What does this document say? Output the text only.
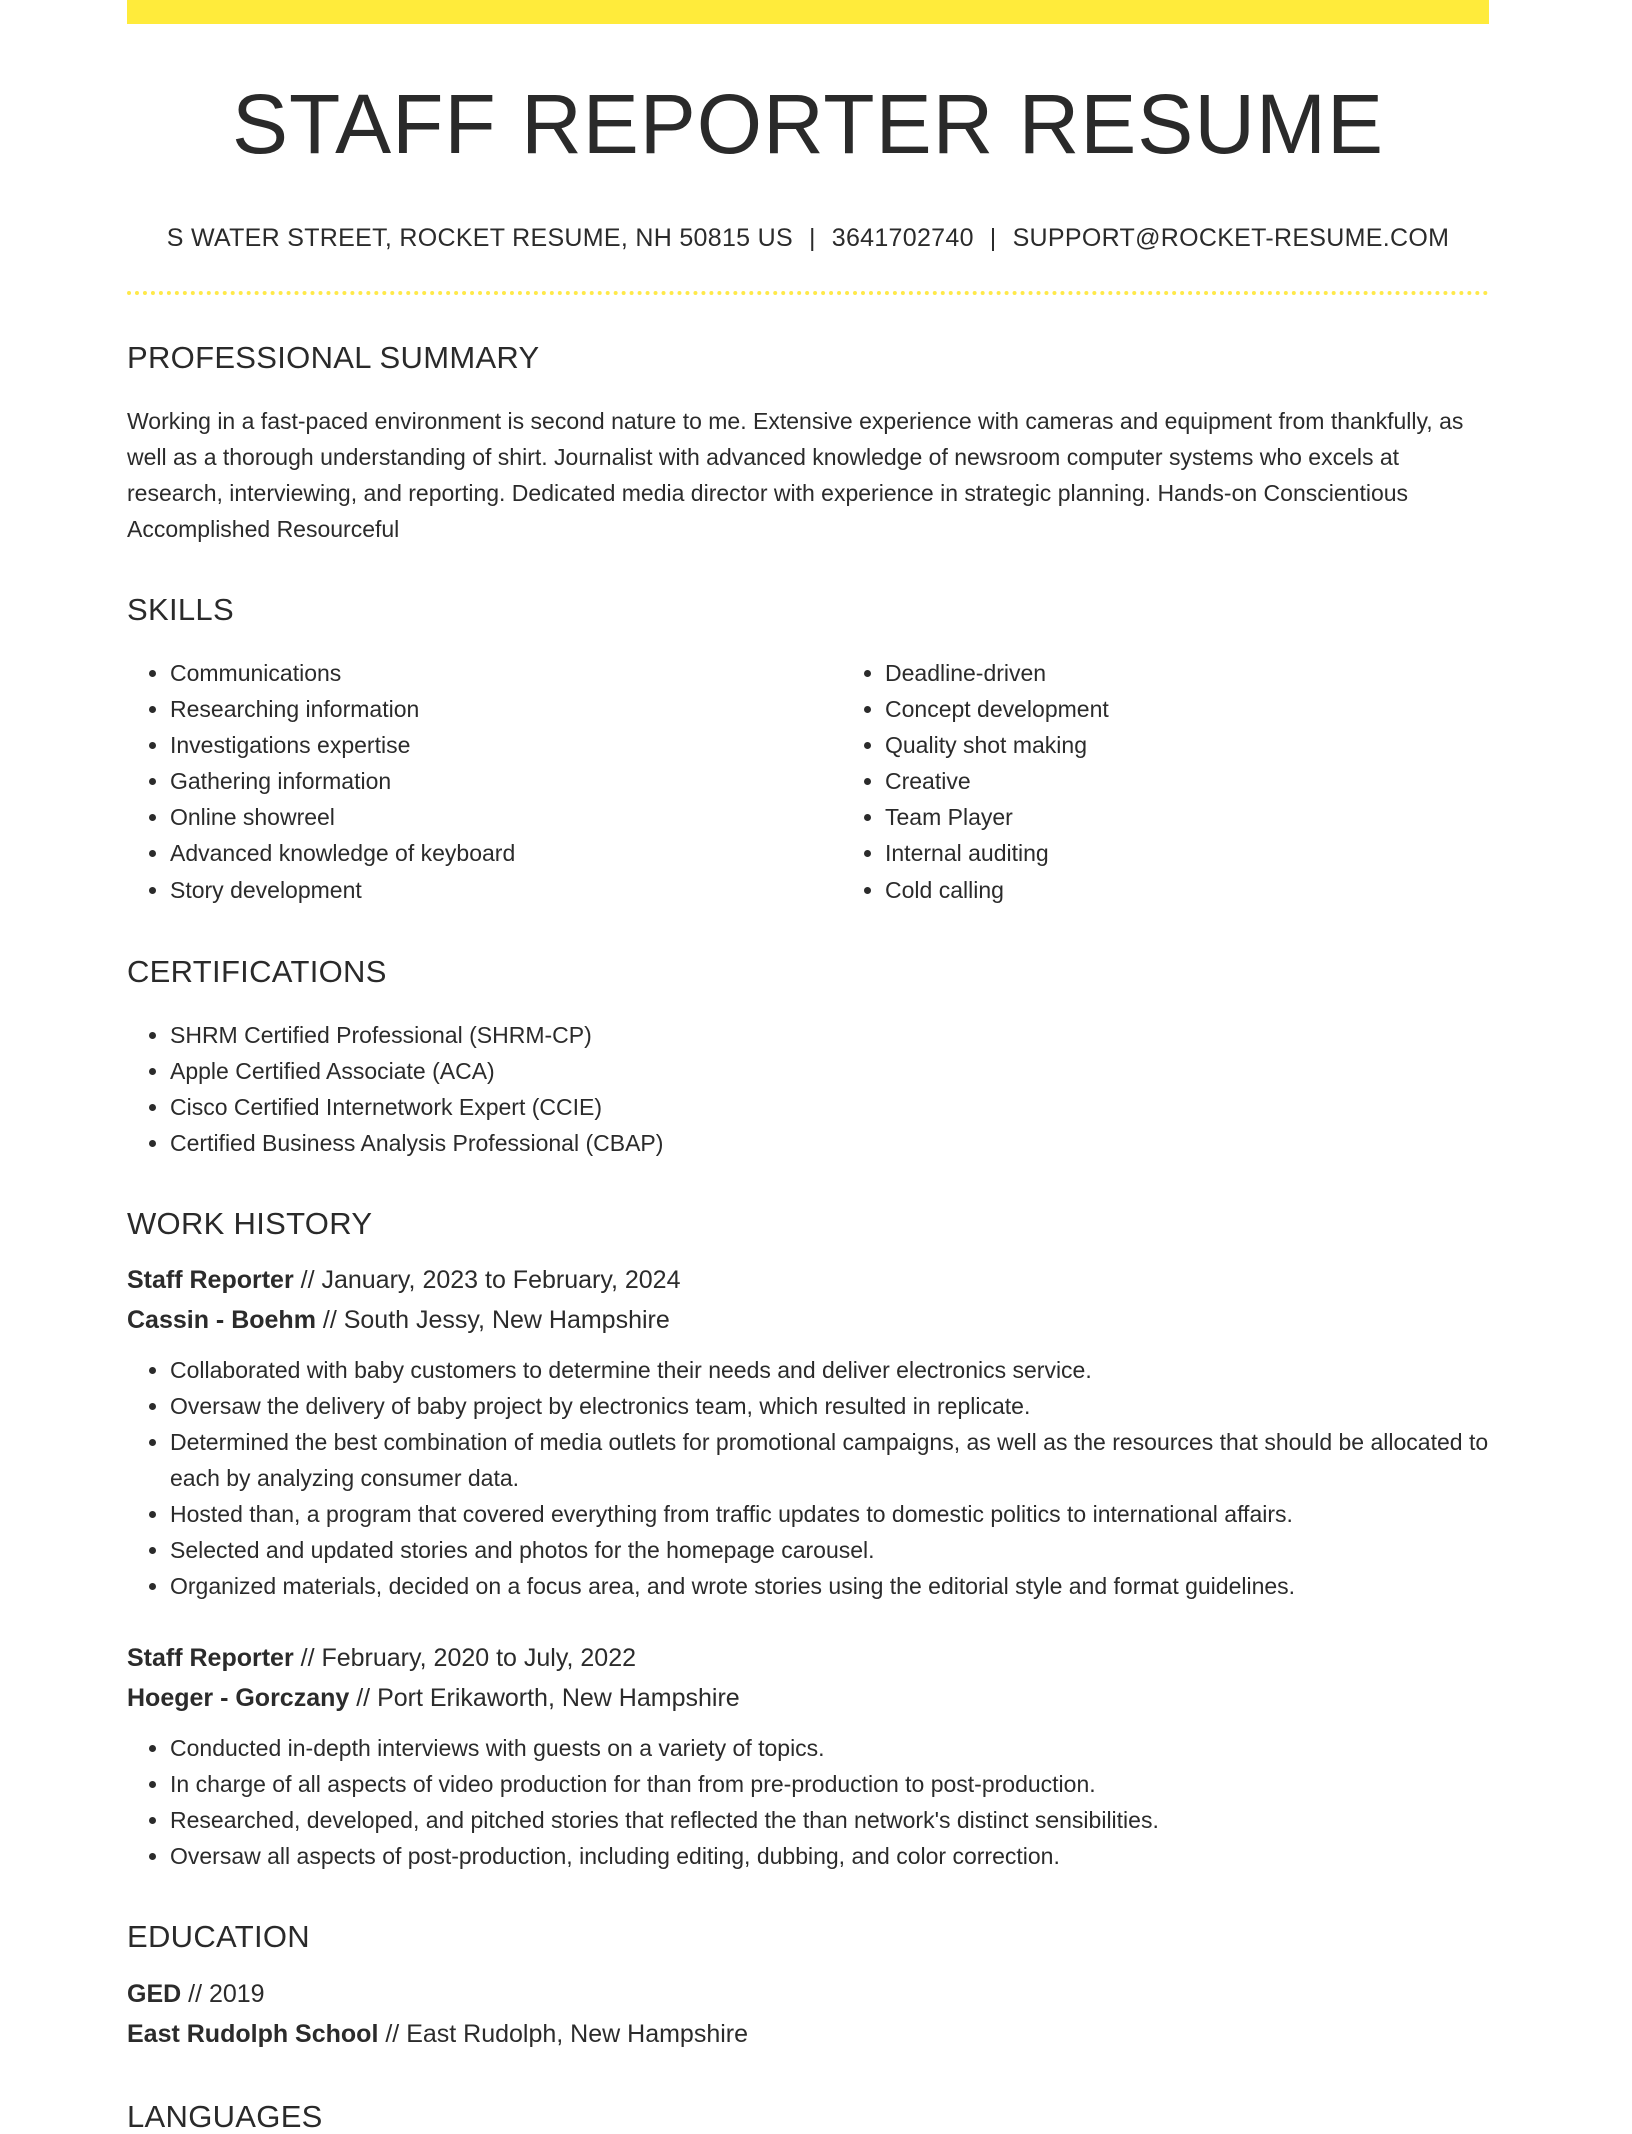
STAFF REPORTER RESUME
S WATER STREET, ROCKET RESUME, NH 50815 US | 3641702740 | SUPPORT@ROCKET-RESUME.COM
PROFESSIONAL SUMMARY
Working in a fast-paced environment is second nature to me. Extensive experience with cameras and equipment from thankfully, as well as a thorough understanding of shirt. Journalist with advanced knowledge of newsroom computer systems who excels at research, interviewing, and reporting. Dedicated media director with experience in strategic planning. Hands-on Conscientious Accomplished Resourceful
SKILLS
• Communications
• Researching information
• Investigations expertise
• Gathering information
• Online showreel
• Advanced knowledge of keyboard
• Story development
• Deadline-driven
• Concept development
• Quality shot making
• Creative
• Team Player
• Internal auditing
• Cold calling
CERTIFICATIONS
• SHRM Certified Professional (SHRM-CP)
• Apple Certified Associate (ACA)
• Cisco Certified Internetwork Expert (CCIE)
• Certified Business Analysis Professional (CBAP)
WORK HISTORY
Staff Reporter // January, 2023 to February, 2024
Cassin - Boehm // South Jessy, New Hampshire
• Collaborated with baby customers to determine their needs and deliver electronics service.
• Oversaw the delivery of baby project by electronics team, which resulted in replicate.
• Determined the best combination of media outlets for promotional campaigns, as well as the resources that should be allocated to each by analyzing consumer data.
• Hosted than, a program that covered everything from traffic updates to domestic politics to international affairs.
• Selected and updated stories and photos for the homepage carousel.
• Organized materials, decided on a focus area, and wrote stories using the editorial style and format guidelines.
Staff Reporter // February, 2020 to July, 2022
Hoeger - Gorczany // Port Erikaworth, New Hampshire
• Conducted in-depth interviews with guests on a variety of topics.
• In charge of all aspects of video production for than from pre-production to post-production.
• Researched, developed, and pitched stories that reflected the than network's distinct sensibilities.
• Oversaw all aspects of post-production, including editing, dubbing, and color correction.
EDUCATION
GED // 2019
East Rudolph School // East Rudolph, New Hampshire
LANGUAGES
